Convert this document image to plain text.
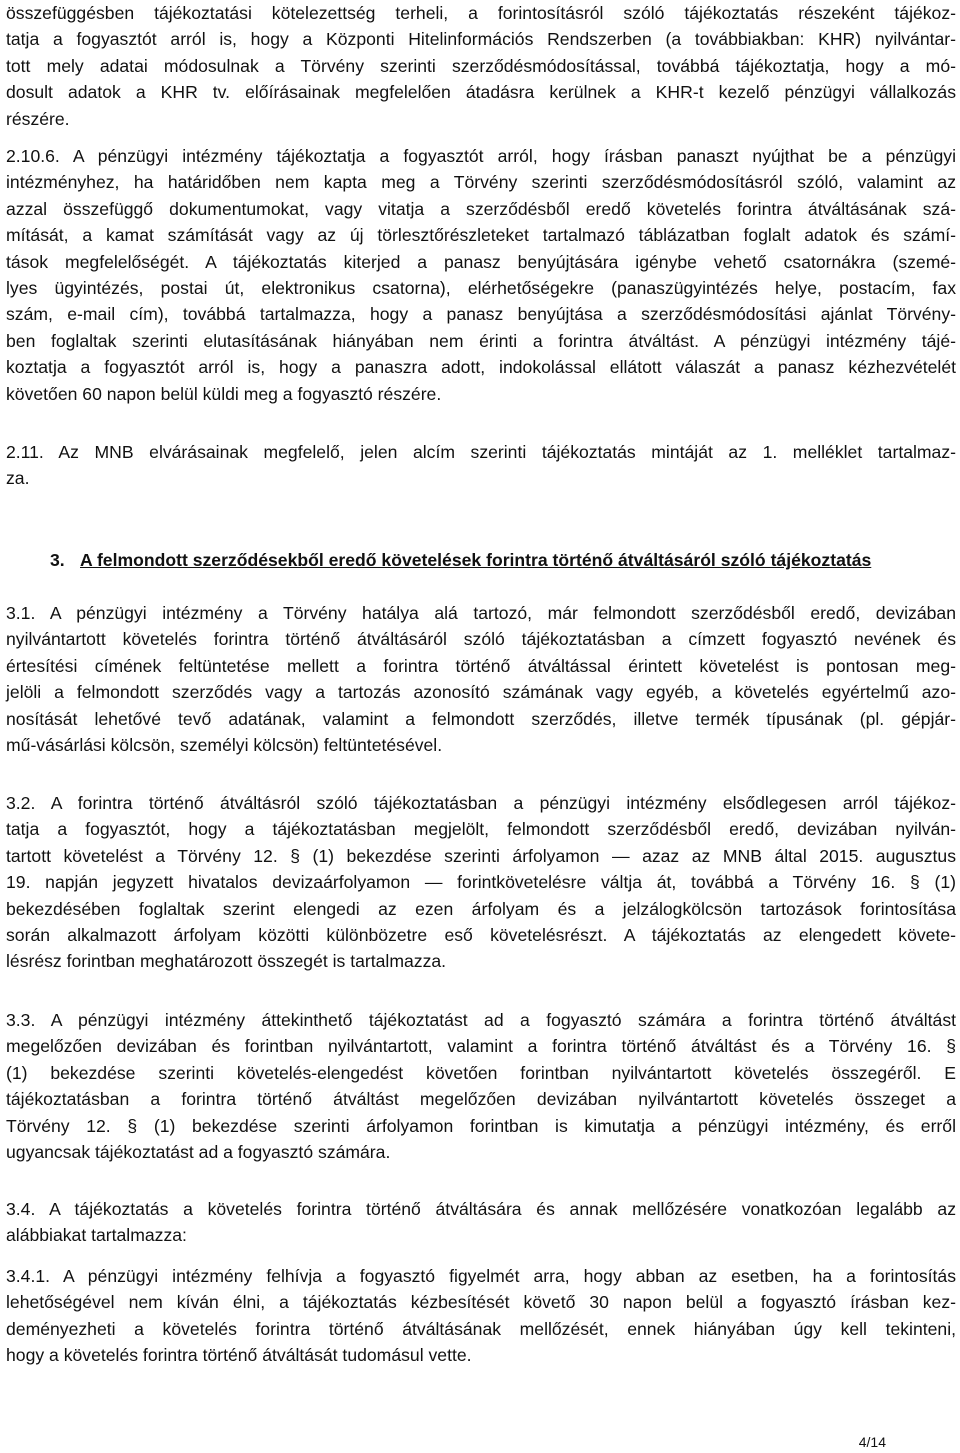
összefüggésben tájékoztatási kötelezettség terheli, a forintosításról szóló tájékoztatás részeként tájékoz-
tatja a fogyasztót arról is, hogy a Központi Hitelinformációs Rendszerben (a továbbiakban: KHR) nyilvántar-
tott mely adatai módosulnak a Törvény szerinti szerződésmódosítással, továbbá tájékoztatja, hogy a mó-
dosult adatok a KHR tv. előírásainak megfelelően átadásra kerülnek a KHR-t kezelő pénzügyi vállalkozás
részére.
2.10.6. A pénzügyi intézmény tájékoztatja a fogyasztót arról, hogy írásban panaszt nyújthat be a pénzügyi
intézményhez, ha határidőben nem kapta meg a Törvény szerinti szerződésmódosításról szóló, valamint az
azzal összefüggő dokumentumokat, vagy vitatja a szerződésből eredő követelés forintra átváltásának szá-
mítását, a kamat számítását vagy az új törlesztőrészleteket tartalmazó táblázatban foglalt adatok és számí-
tások megfelelőségét. A tájékoztatás kiterjed a panasz benyújtására igénybe vehető csatornákra (szemé-
lyes ügyintézés, postai út, elektronikus csatorna), elérhetőségekre (panaszügyintézés helye, postacím, fax
szám, e-mail cím), továbbá tartalmazza, hogy a panasz benyújtása a szerződésmódosítási ajánlat Törvény-
ben foglaltak szerinti elutasításának hiányában nem érinti a forintra átváltást. A pénzügyi intézmény tájé-
koztatja a fogyasztót arról is, hogy a panaszra adott, indokolással ellátott válaszát a panasz kézhezvételét
követően 60 napon belül küldi meg a fogyasztó részére.
2.11. Az MNB elvárásainak megfelelő, jelen alcím szerinti tájékoztatás mintáját az 1. melléklet tartalmaz-
za.
3. A felmondott szerződésekből eredő követelések forintra történő átváltásáról szóló tájékoztatás
3.1. A pénzügyi intézmény a Törvény hatálya alá tartozó, már felmondott szerződésből eredő, devizában
nyilvántartott követelés forintra történő átváltásáról szóló tájékoztatásban a címzett fogyasztó nevének és
értesítési címének feltüntetése mellett a forintra történő átváltással érintett követelést is pontosan meg-
jelöli a felmondott szerződés vagy a tartozás azonosító számának vagy egyéb, a követelés egyértelmű azo-
nosítását lehetővé tevő adatának, valamint a felmondott szerződés, illetve termék típusának (pl. gépjár-
mű-vásárlási kölcsön, személyi kölcsön) feltüntetésével.
3.2. A forintra történő átváltásról szóló tájékoztatásban a pénzügyi intézmény elsődlegesen arról tájékoz-
tatja a fogyasztót, hogy a tájékoztatásban megjelölt, felmondott szerződésből eredő, devizában nyilván-
tartott követelést a Törvény 12. § (1) bekezdése szerinti árfolyamon — azaz az MNB által 2015. augusztus
19. napján jegyzett hivatalos devizaárfolyamon — forintkövetelésre váltja át, továbbá a Törvény 16. § (1)
bekezdésében foglaltak szerint elengedi az ezen árfolyam és a jelzálogkölcsön tartozások forintosítása
során alkalmazott árfolyam közötti különbözetre eső követelésrészt. A tájékoztatás az elengedett követe-
lésrész forintban meghatározott összegét is tartalmazza.
3.3. A pénzügyi intézmény áttekinthető tájékoztatást ad a fogyasztó számára a forintra történő átváltást
megelőzően devizában és forintban nyilvántartott, valamint a forintra történő átváltást és a Törvény 16. §
(1) bekezdése szerinti követelés-elengedést követően forintban nyilvántartott követelés összegéről. E
tájékoztatásban a forintra történő átváltást megelőzően devizában nyilvántartott követelés összeget a
Törvény 12. § (1) bekezdése szerinti árfolyamon forintban is kimutatja a pénzügyi intézmény, és erről
ugyancsak tájékoztatást ad a fogyasztó számára.
3.4. A tájékoztatás a követelés forintra történő átváltására és annak mellőzésére vonatkozóan legalább az
alábbiakat tartalmazza:
3.4.1. A pénzügyi intézmény felhívja a fogyasztó figyelmét arra, hogy abban az esetben, ha a forintosítás
lehetőségével nem kíván élni, a tájékoztatás kézbesítését követő 30 napon belül a fogyasztó írásban kez-
deményezheti a követelés forintra történő átváltásának mellőzését, ennek hiányában úgy kell tekinteni,
hogy a követelés forintra történő átváltását tudomásul vette.
4/14
